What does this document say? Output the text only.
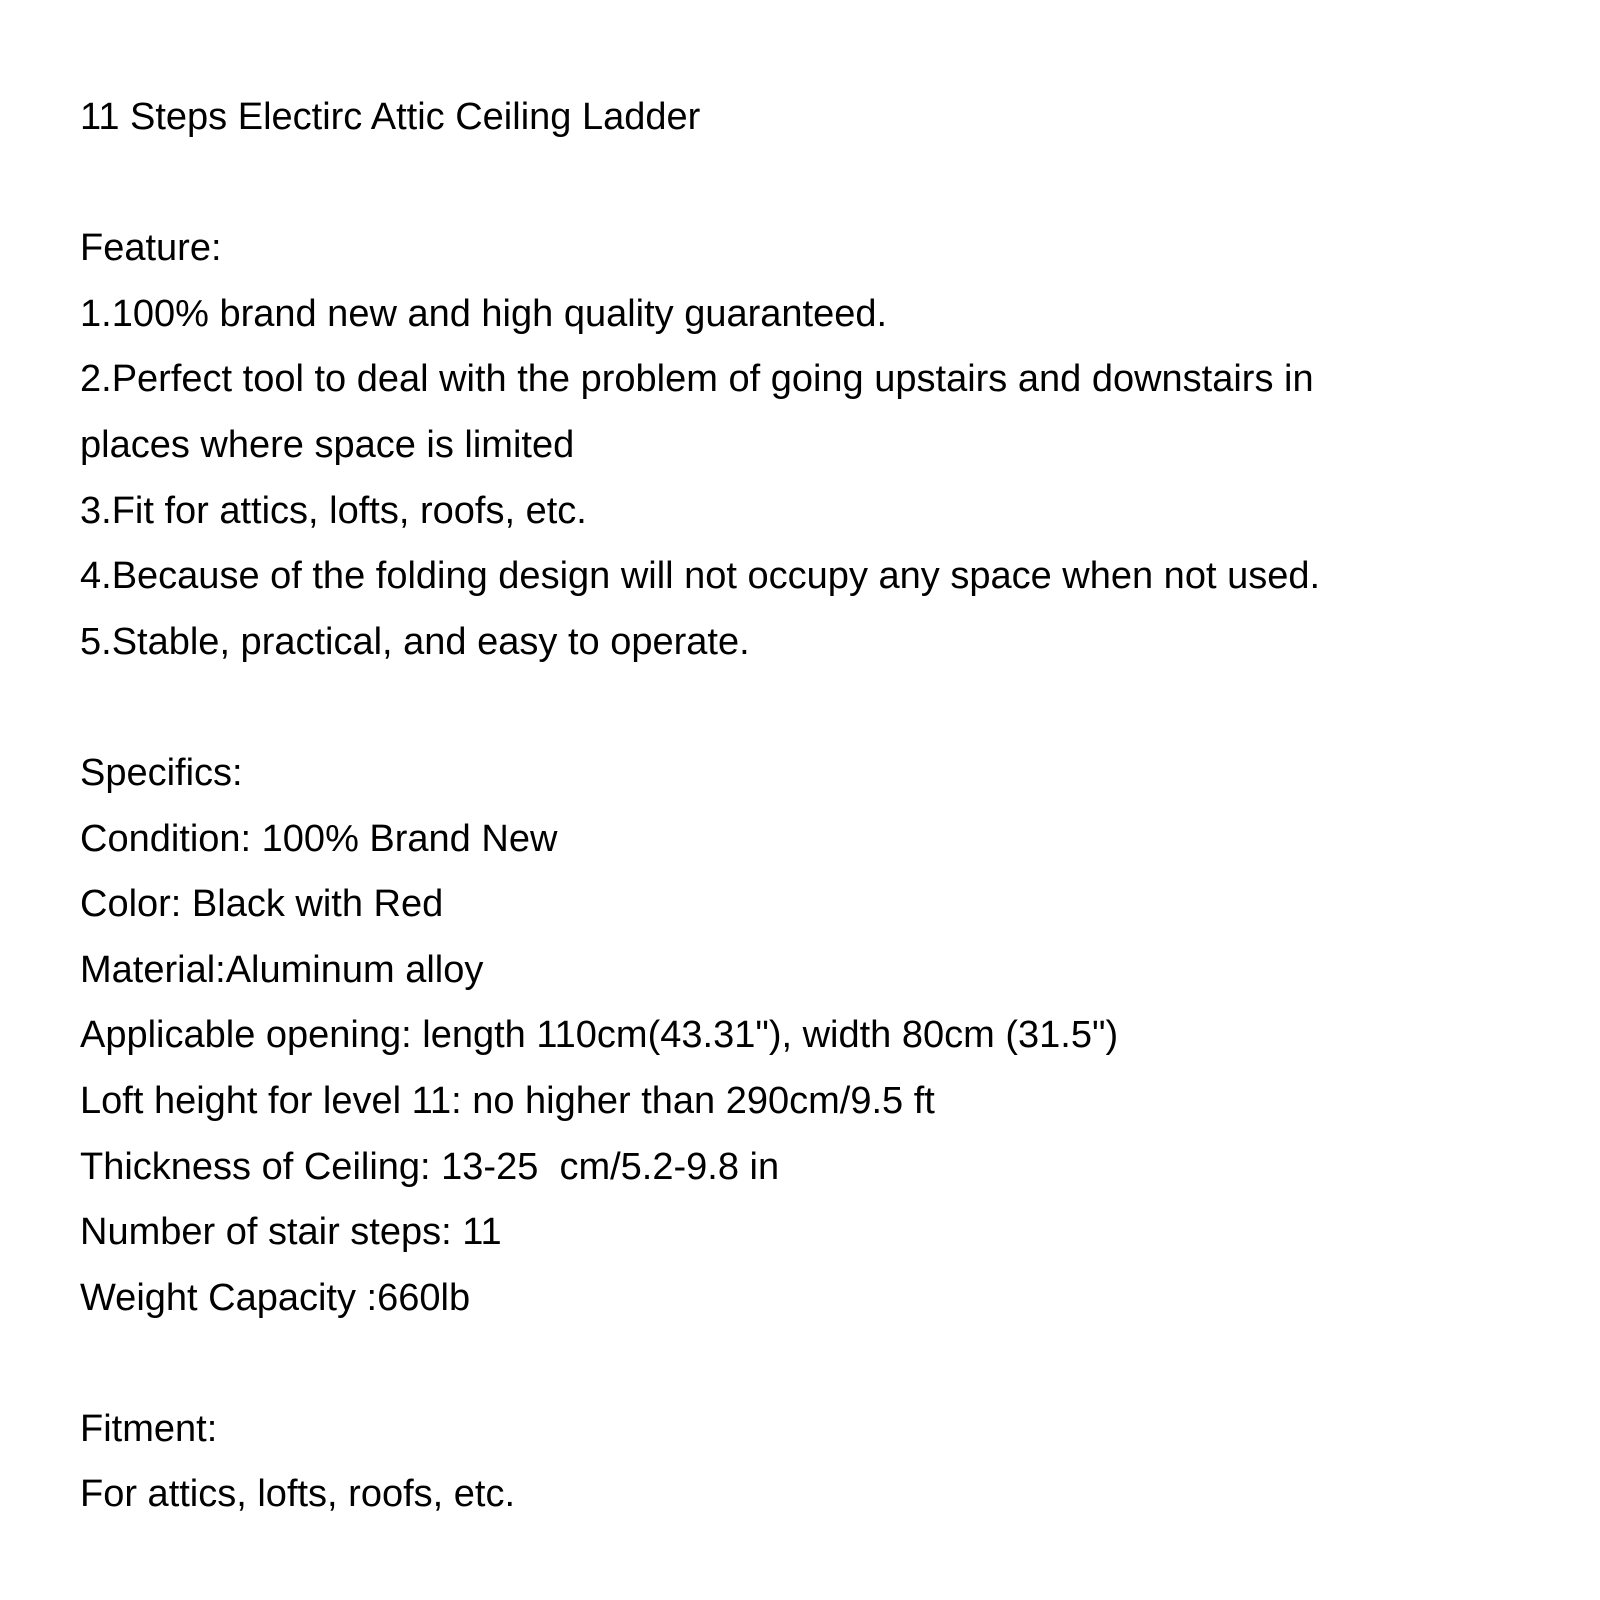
11 Steps Electirc Attic Ceiling Ladder
Feature:
1.100% brand new and high quality guaranteed.
2.Perfect tool to deal with the problem of going upstairs and downstairs in
places where space is limited
3.Fit for attics, lofts, roofs, etc.
4.Because of the folding design will not occupy any space when not used.
5.Stable, practical, and easy to operate.
Specifics:
Condition: 100% Brand New
Color: Black with Red
Material:Aluminum alloy
Applicable opening: length 110cm(43.31"), width 80cm (31.5")
Loft height for level 11: no higher than 290cm/9.5 ft
Thickness of Ceiling: 13-25  cm/5.2-9.8 in
Number of stair steps: 11
Weight Capacity :660lb
Fitment:
For attics, lofts, roofs, etc.
